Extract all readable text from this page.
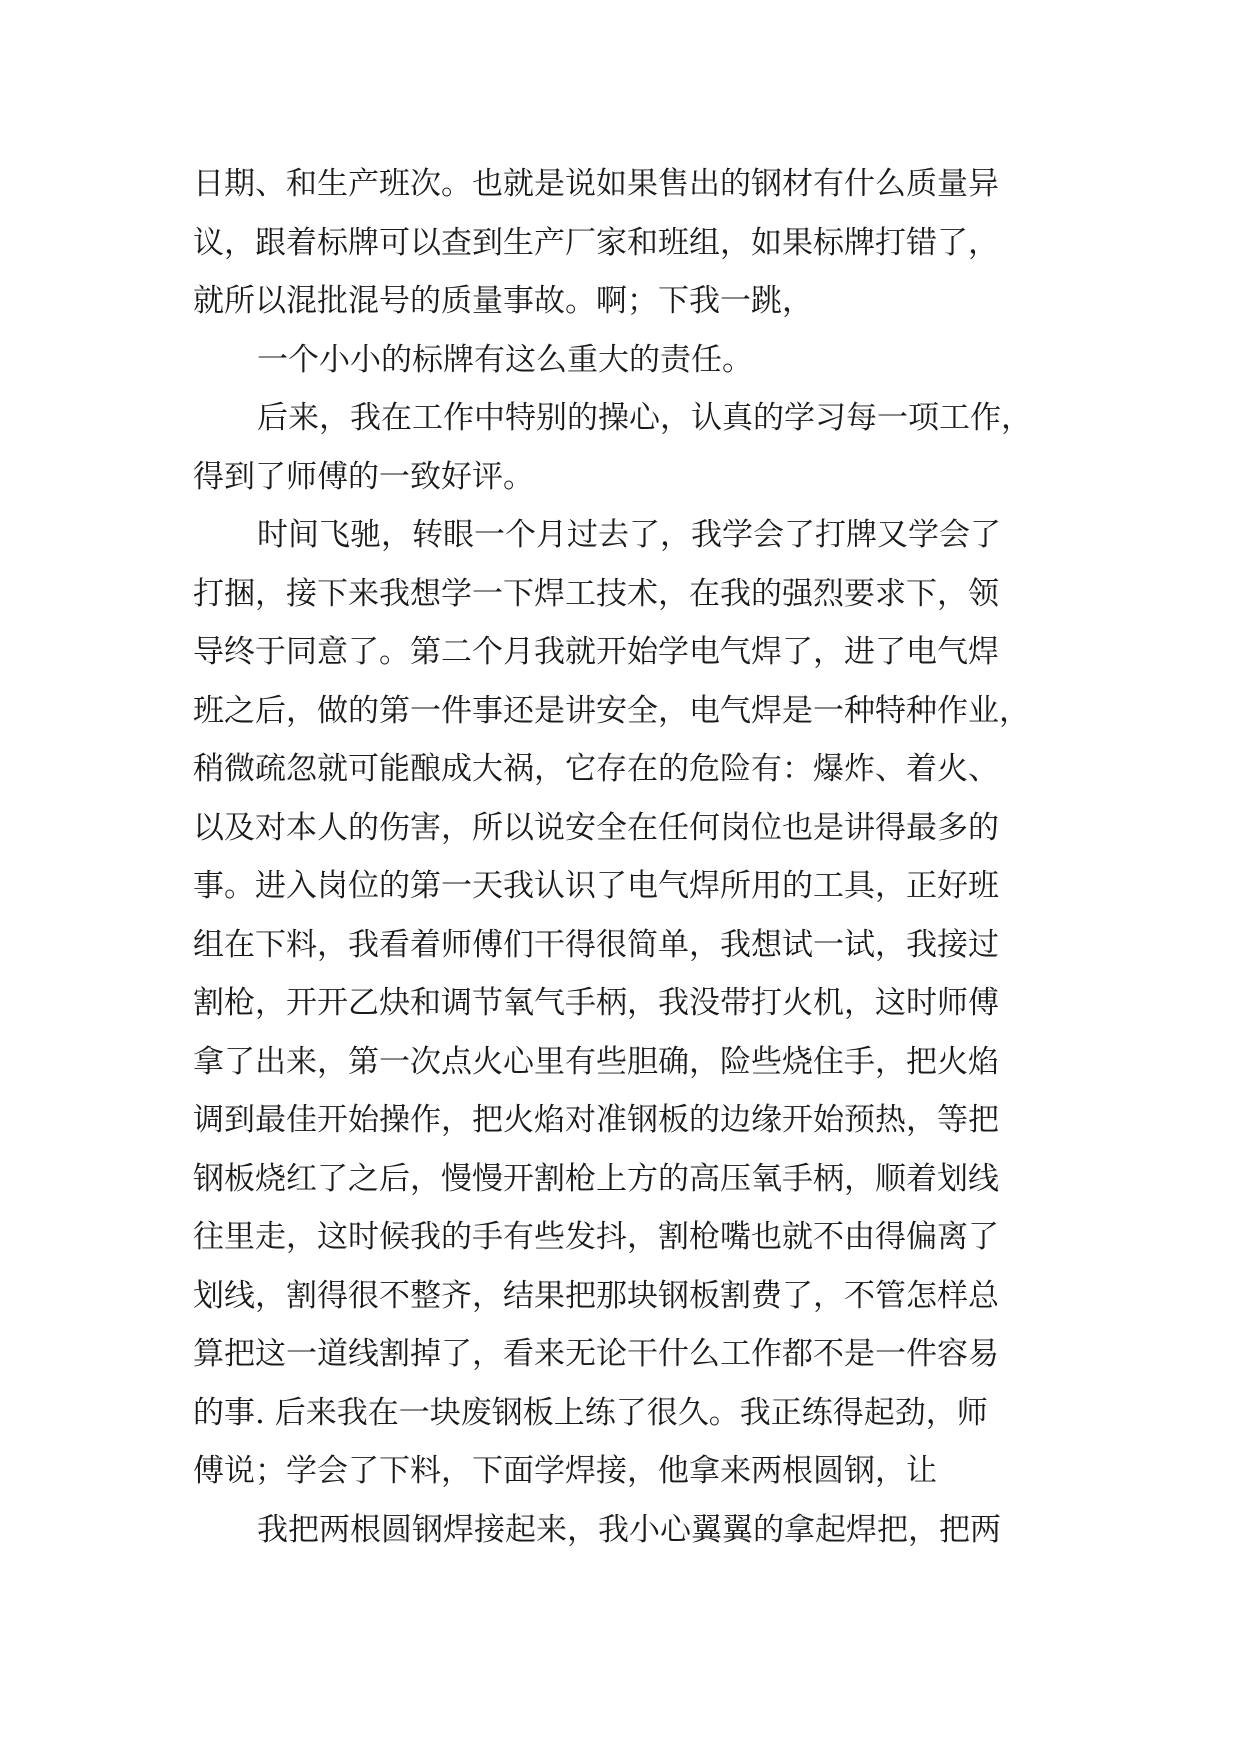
日期、和生产班次。也就是说如果售出的钢材有什么质量异
议，跟着标牌可以查到生产厂家和班组，如果标牌打错了，
就所以混批混号的质量事故。啊；下我一跳，
一个小小的标牌有这么重大的责任。
后来，我在工作中特别的操心，认真的学习每一项工作，
得到了师傅的一致好评。
时间飞驰，转眼一个月过去了，我学会了打牌又学会了
打捆，接下来我想学一下焊工技术，在我的强烈要求下，领
导终于同意了。第二个月我就开始学电气焊了，进了电气焊
班之后，做的第一件事还是讲安全，电气焊是一种特种作业，
稍微疏忽就可能酿成大祸，它存在的危险有：爆炸、着火、
以及对本人的伤害，所以说安全在任何岗位也是讲得最多的
事。进入岗位的第一天我认识了电气焊所用的工具，正好班
组在下料，我看着师傅们干得很简单，我想试一试，我接过
割枪，开开乙炔和调节氧气手柄，我没带打火机，这时师傅
拿了出来，第一次点火心里有些胆确，险些烧住手，把火焰
调到最佳开始操作，把火焰对准钢板的边缘开始预热，等把
钢板烧红了之后，慢慢开割枪上方的高压氧手柄，顺着划线
往里走，这时候我的手有些发抖，割枪嘴也就不由得偏离了
划线，割得很不整齐，结果把那块钢板割费了，不管怎样总
算把这一道线割掉了，看来无论干什么工作都不是一件容易
的事. 后来我在一块废钢板上练了很久。我正练得起劲，师
傅说；学会了下料，下面学焊接，他拿来两根圆钢，让
我把两根圆钢焊接起来，我小心翼翼的拿起焊把，把两
